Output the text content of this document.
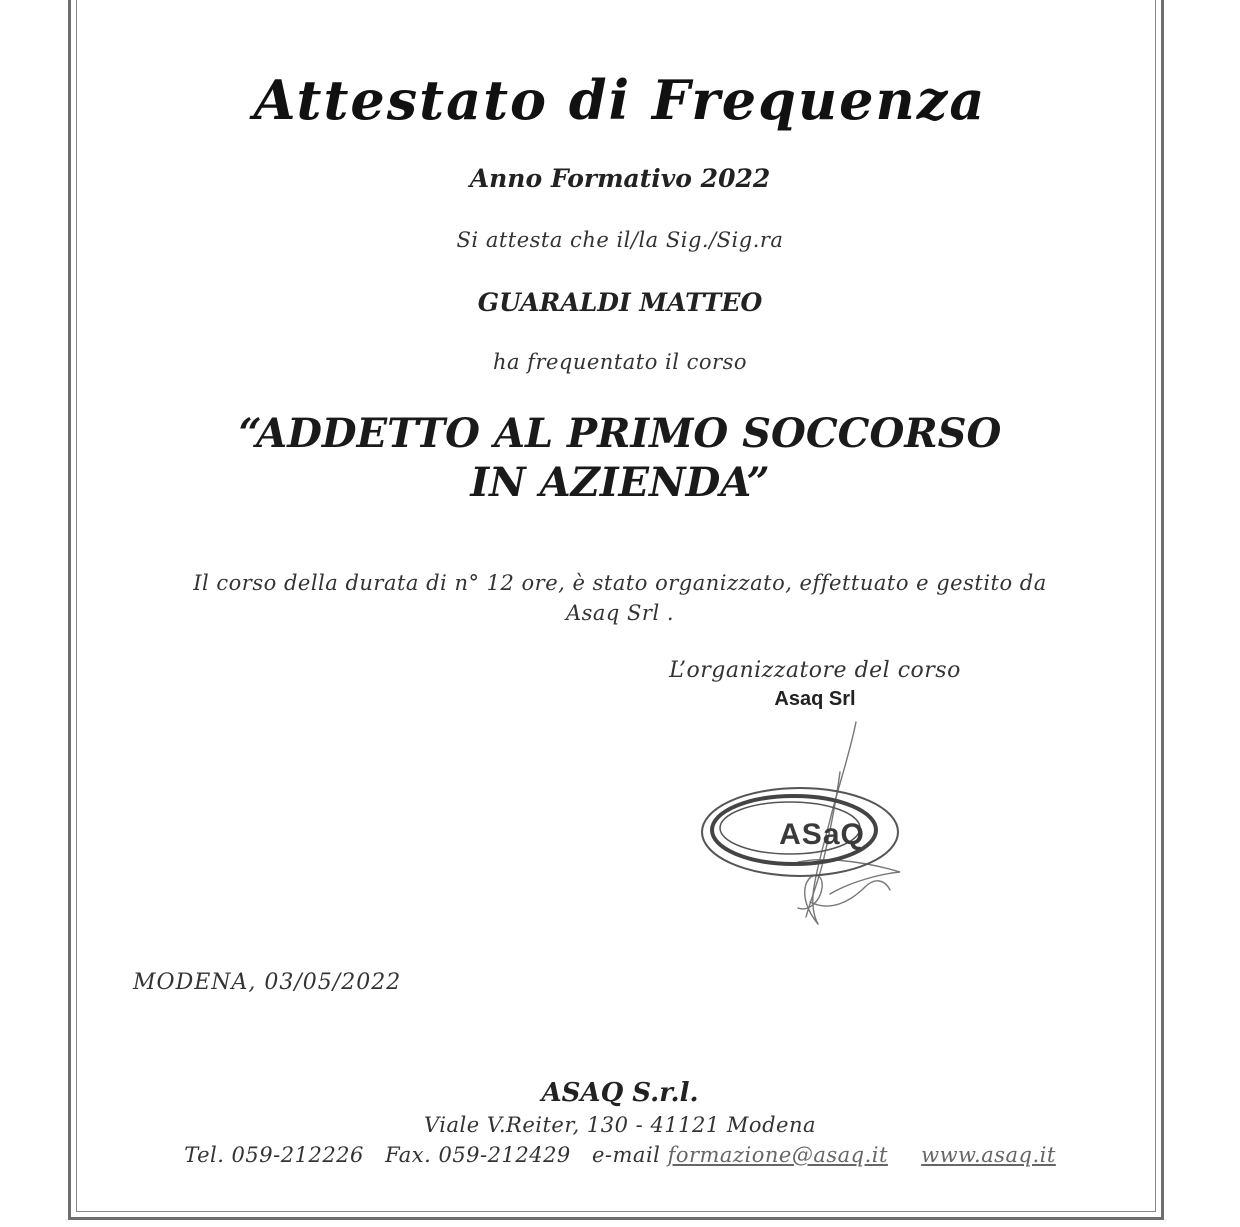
Attestato di Frequenza
Anno Formativo 2022
Si attesta che il/la Sig./Sig.ra
GUARALDI MATTEO
ha frequentato il corso
“ADDETTO AL PRIMO SOCCORSO
IN AZIENDA”
Il corso della durata di n° 12 ore, è stato organizzato, effettuato e gestito da
Asaq Srl .
L’organizzatore del corso
Asaq Srl
ASaQ
MODENA, 03/05/2022
ASAQ S.r.l.
Viale V.Reiter, 130 - 41121 Modena
Tel. 059-212226 Fax. 059-212429 e-mail formazione@asaq.it www.asaq.it
